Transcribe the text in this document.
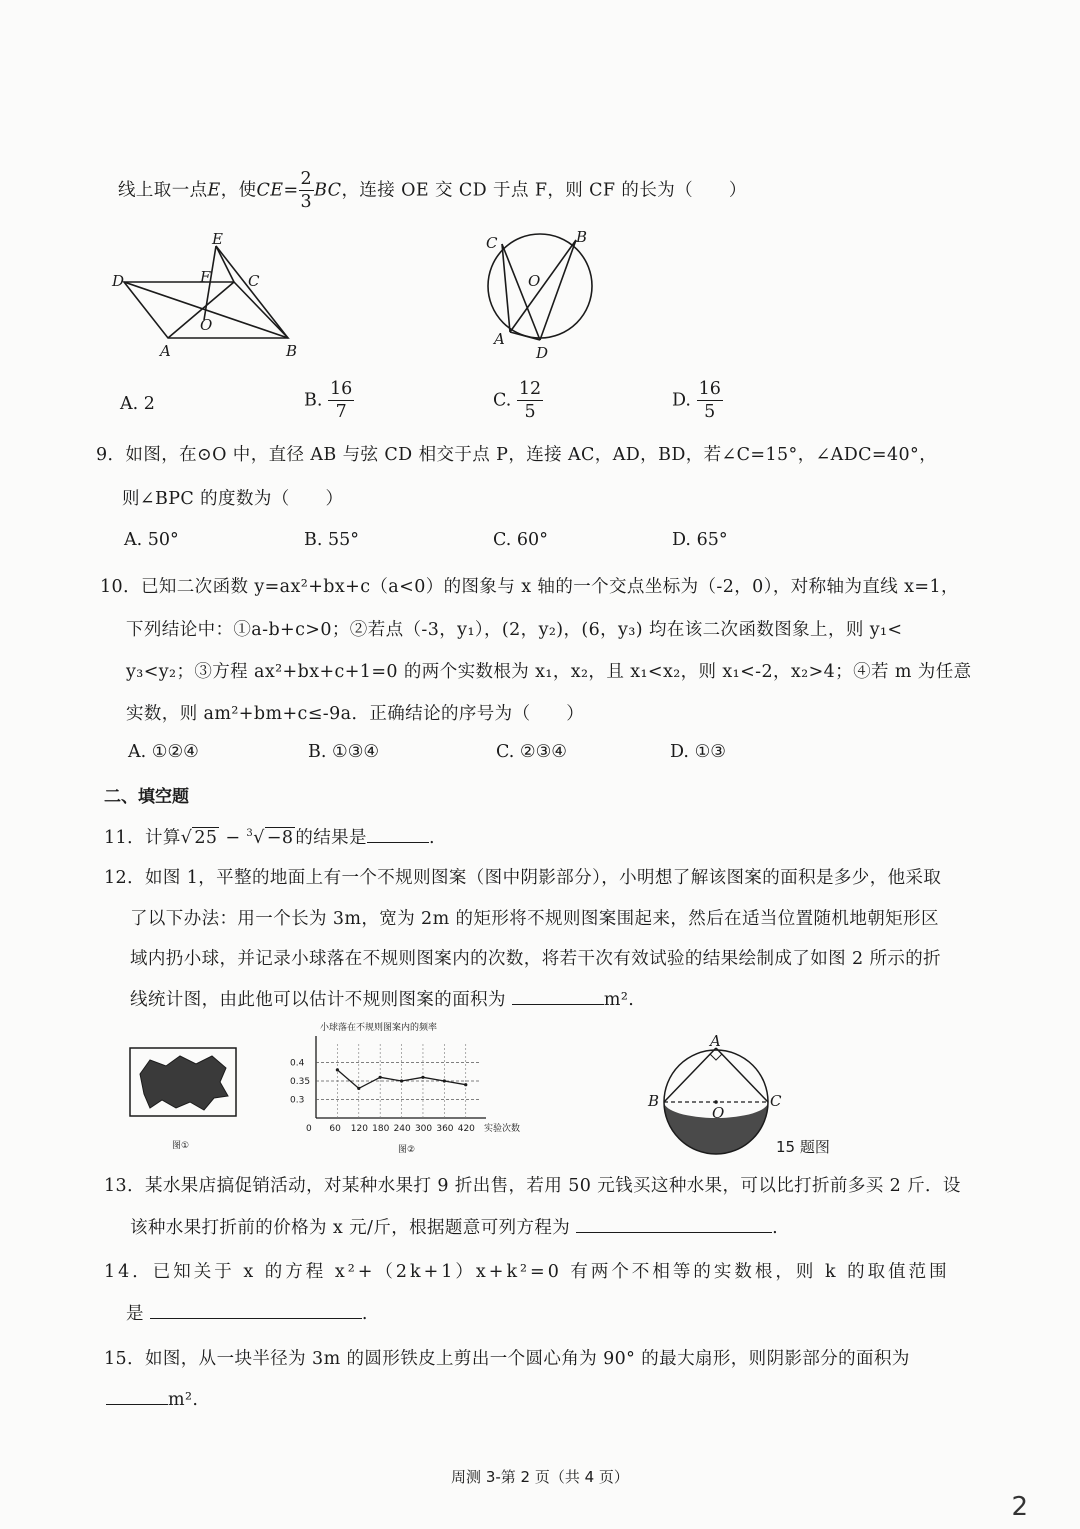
线上取一点E，使$CE= \frac{2}{3}$ BC，连接 OE 交 CD 于点 F，则 CF 的长为（　　）
E
D	F	C
O
A	B
C	B
O
A
D
A. 2	B. $\frac{16}{7}$	C. $\frac{12}{5}$	D. $\frac{16}{5}$
9．如图，在⊙O 中，直径 AB 与弦 CD 相交于点 P，连接 AC，AD，BD，若∠C=15°，∠ADC=40°，
则∠BPC 的度数为（　　）
A. 50°	B. 55°	C. 60°	D. 65°
10．已知二次函数 y=ax²+bx+c（a<0）的图象与 x 轴的一个交点坐标为（-2，0），对称轴为直线 x=1，
下列结论中：①a-b+c>0；②若点（-3，y₁），(2，y₂)，(6，y₃) 均在该二次函数图象上，则 y₁<
y₃<y₂；③方程 ax²+bx+c+1=0 的两个实数根为 x₁，x₂，且 x₁<x₂，则 x₁<-2，x₂>4；④若 m 为任意
实数，则 am²+bm+c≤-9a．正确结论的序号为（　　）
A. ①②④	B. ①③④	C. ②③④	D. ①③
二、填空题
11．计算√ 25 − $^3$√ −8 的结果是	.
12．如图 1，平整的地面上有一个不规则图案（图中阴影部分），小明想了解该图案的面积是多少，他采取
了以下办法：用一个长为 3m，宽为 2m 的矩形将不规则图案围起来，然后在适当位置随机地朝矩形区
域内扔小球，并记录小球落在不规则图案内的次数，将若干次有效试验的结果绘制成了如图 2 所示的折
线统计图，由此他可以估计不规则图案的面积为	m².
图①
小球落在不规则图案内的频率
0.4
0.35
0.3
60 120 180 240 300 360 420
0	实验次数
图②
A
B
O
C
15 题图
13．某水果店搞促销活动，对某种水果打 9 折出售，若用 50 元钱买这种水果，可以比打折前多买 2 斤．设
该种水果打折前的价格为 x 元/斤，根据题意可列方程为	.
14．已知关于 x 的方程 x²+（2k+1）x+k²=0 有两个不相等的实数根，则 k 的取值范围
是	.
15．如图，从一块半径为 3m 的圆形铁皮上剪出一个圆心角为 90° 的最大扇形，则阴影部分的面积为
m².
周测 3-第 2 页（共 4 页）
2
